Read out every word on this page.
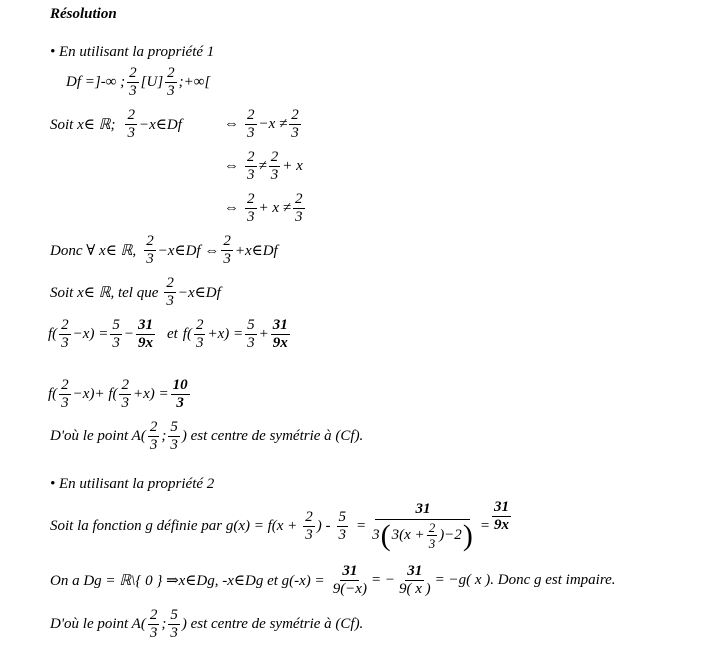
Résolution
• En utilisant la propriété 1
Df =]-∞ ; $\frac{2}{3} [U] \frac{2}{3}$ ;+∞[
Soit x∈ ℝ; $\frac{2}{3}$ −x∈Df	⇔ $\frac{2}{3} -x \ne \frac{2}{3}$
⇔ $\frac{2}{3} \ne \frac{2}{3} + x$
⇔ $\frac{2}{3} + x \ne \frac{2}{3}$
Donc ∀ x∈ ℝ, $\frac{2}{3}$ −x∈Df ⇔ $\frac{2}{3}$ +x∈Df
Soit x∈ ℝ, tel que $\frac{2}{3}$ −x∈Df
$f( \frac{2}{3} -x) = \frac{5}{3} - \frac{31}{9x}$ et $f( \frac{2}{3} +x) = \frac{5}{3} + \frac{31}{9x}$
$f( \frac{2}{3} -x)+ f( \frac{2}{3} +x) = \frac{10}{3}$
D'où le point $A( \frac{2}{3}$ ; $\frac{5}{3}$ ) est centre de symétrie à (Cf).
• En utilisant la propriété 2
Soit la fonction g définie par $g(x) = f(x + \frac{2}{3}$ ) - $\frac{5}{3} = \frac{31}{3 ( 3(x + \frac{2}{3} )-2 )} = \frac{31}{9x}$
On a Dg = ℝ\{ 0 } ⇒x∈Dg, -x∈Dg et $g(-x) = \frac{31}{9(-x)}$ = − $\frac{31}{9( x )} = -g$( x ). Donc g est impaire.
D'où le point $A( \frac{2}{3}$ ; $\frac{5}{3}$ ) est centre de symétrie à (Cf).
